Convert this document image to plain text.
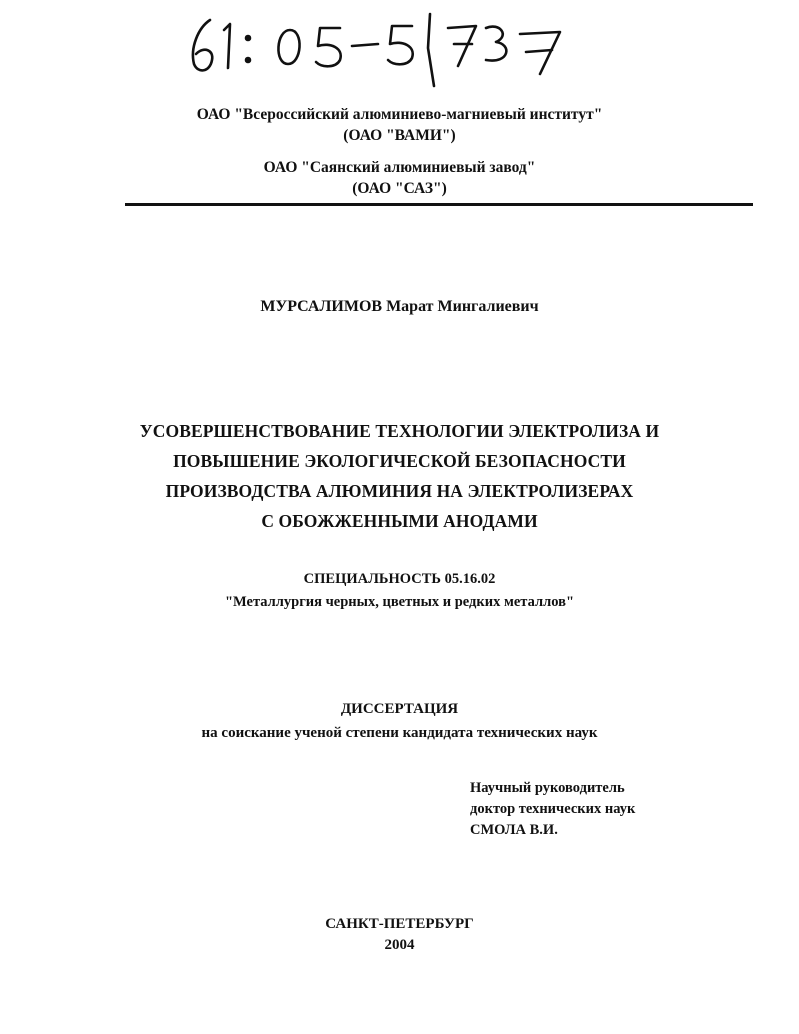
ОАО "Всероссийский алюминиево-магниевый институт"
(ОАО "ВАМИ")
ОАО "Саянский алюминиевый завод"
(ОАО "САЗ")
МУРСАЛИМОВ Марат Мингалиевич
УСОВЕРШЕНСТВОВАНИЕ ТЕХНОЛОГИИ ЭЛЕКТРОЛИЗА И
ПОВЫШЕНИЕ ЭКОЛОГИЧЕСКОЙ БЕЗОПАСНОСТИ
ПРОИЗВОДСТВА АЛЮМИНИЯ НА ЭЛЕКТРОЛИЗЕРАХ
С ОБОЖЖЕННЫМИ АНОДАМИ
СПЕЦИАЛЬНОСТЬ 05.16.02
"Металлургия черных, цветных и редких металлов"
ДИССЕРТАЦИЯ
на соискание ученой степени кандидата технических наук
Научный руководитель
доктор технических наук
СМОЛА В.И.
САНКТ-ПЕТЕРБУРГ
2004
